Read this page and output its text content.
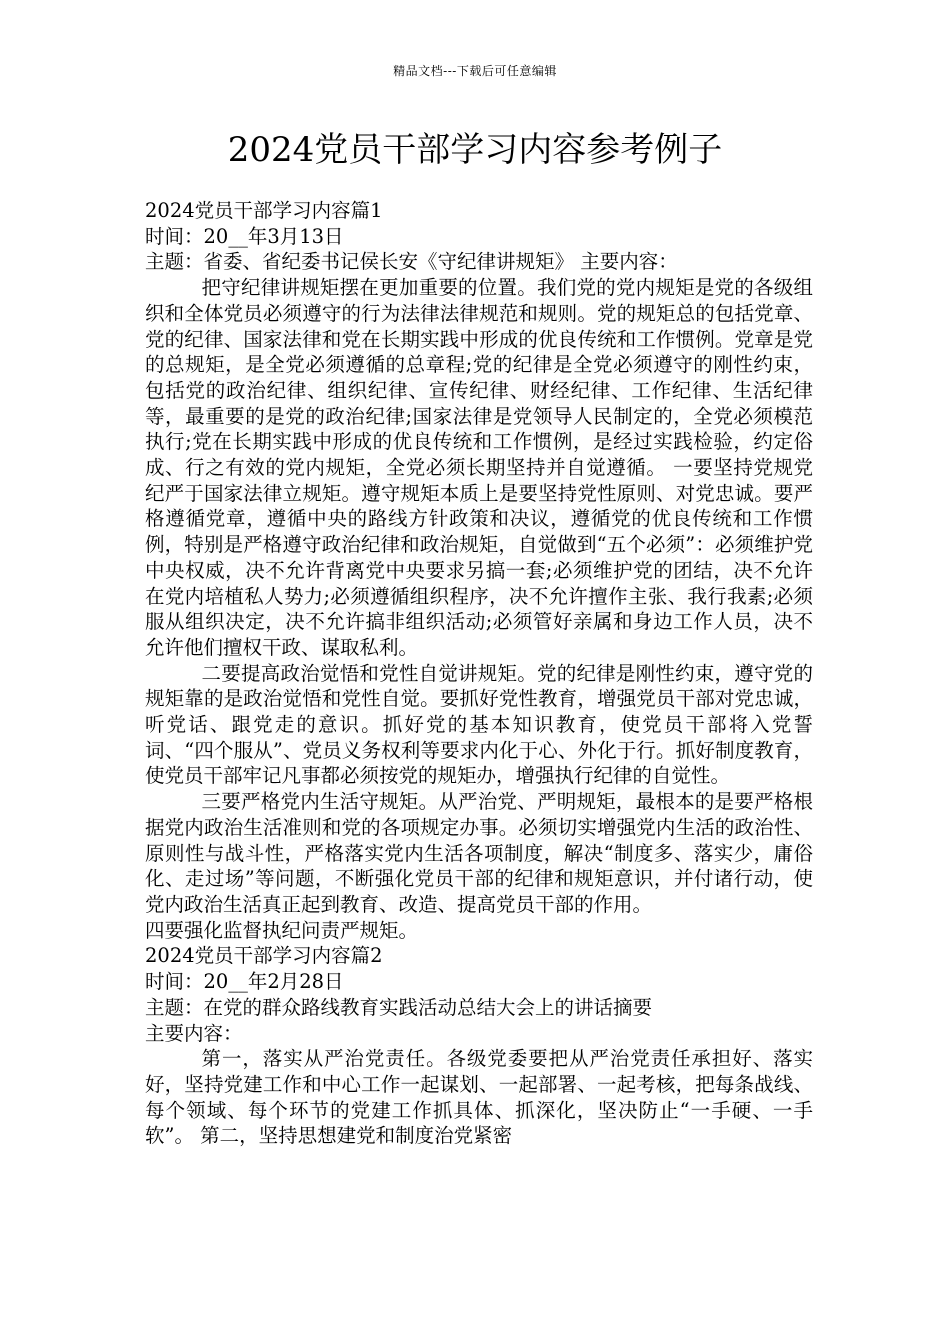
精品文档---下载后可任意编辑
2024党员干部学习内容参考例子

2024党员干部学习内容篇1

时间：20__年3月13日

主题：省委、省纪委书记侯长安《守纪律讲规矩》 主要内容：

把守纪律讲规矩摆在更加重要的位置。我们党的党内规矩是党的各级组织和全体党员必须遵守的行为法律法律规范和规则。党的规矩总的包括党章、党的纪律、国家法律和党在长期实践中形成的优良传统和工作惯例。党章是党的总规矩，是全党必须遵循的总章程;党的纪律是全党必须遵守的刚性约束，包括党的政治纪律、组织纪律、宣传纪律、财经纪律、工作纪律、生活纪律等，最重要的是党的政治纪律;国家法律是党领导人民制定的，全党必须模范执行;党在长期实践中形成的优良传统和工作惯例，是经过实践检验，约定俗成、行之有效的党内规矩，全党必须长期坚持并自觉遵循。 一要坚持党规党纪严于国家法律立规矩。遵守规矩本质上是要坚持党性原则、对党忠诚。要严格遵循党章，遵循中央的路线方针政策和决议，遵循党的优良传统和工作惯例，特别是严格遵守政治纪律和政治规矩，自觉做到“五个必须”：必须维护党中央权威，决不允许背离党中央要求另搞一套;必须维护党的团结，决不允许在党内培植私人势力;必须遵循组织程序，决不允许擅作主张、我行我素;必须服从组织决定，决不允许搞非组织活动;必须管好亲属和身边工作人员，决不允许他们擅权干政、谋取私利。

二要提高政治觉悟和党性自觉讲规矩。党的纪律是刚性约束，遵守党的规矩靠的是政治觉悟和党性自觉。要抓好党性教育，增强党员干部对党忠诚，听党话、跟党走的意识。抓好党的基本知识教育，使党员干部将入党誓词、“四个服从”、党员义务权利等要求内化于心、外化于行。抓好制度教育，使党员干部牢记凡事都必须按党的规矩办，增强执行纪律的自觉性。

三要严格党内生活守规矩。从严治党、严明规矩，最根本的是要严格根据党内政治生活准则和党的各项规定办事。必须切实增强党内生活的政治性、原则性与战斗性，严格落实党内生活各项制度，解决“制度多、落实少，庸俗化、走过场”等问题，不断强化党员干部的纪律和规矩意识，并付诸行动，使党内政治生活真正起到教育、改造、提高党员干部的作用。

四要强化监督执纪问责严规矩。

2024党员干部学习内容篇2

时间：20__年2月28日

主题：在党的群众路线教育实践活动总结大会上的讲话摘要

主要内容：

第一，落实从严治党责任。各级党委要把从严治党责任承担好、落实好，坚持党建工作和中心工作一起谋划、一起部署、一起考核，把每条战线、每个领域、每个环节的党建工作抓具体、抓深化，坚决防止“一手硬、一手软”。 第二，坚持思想建党和制度治党紧密
